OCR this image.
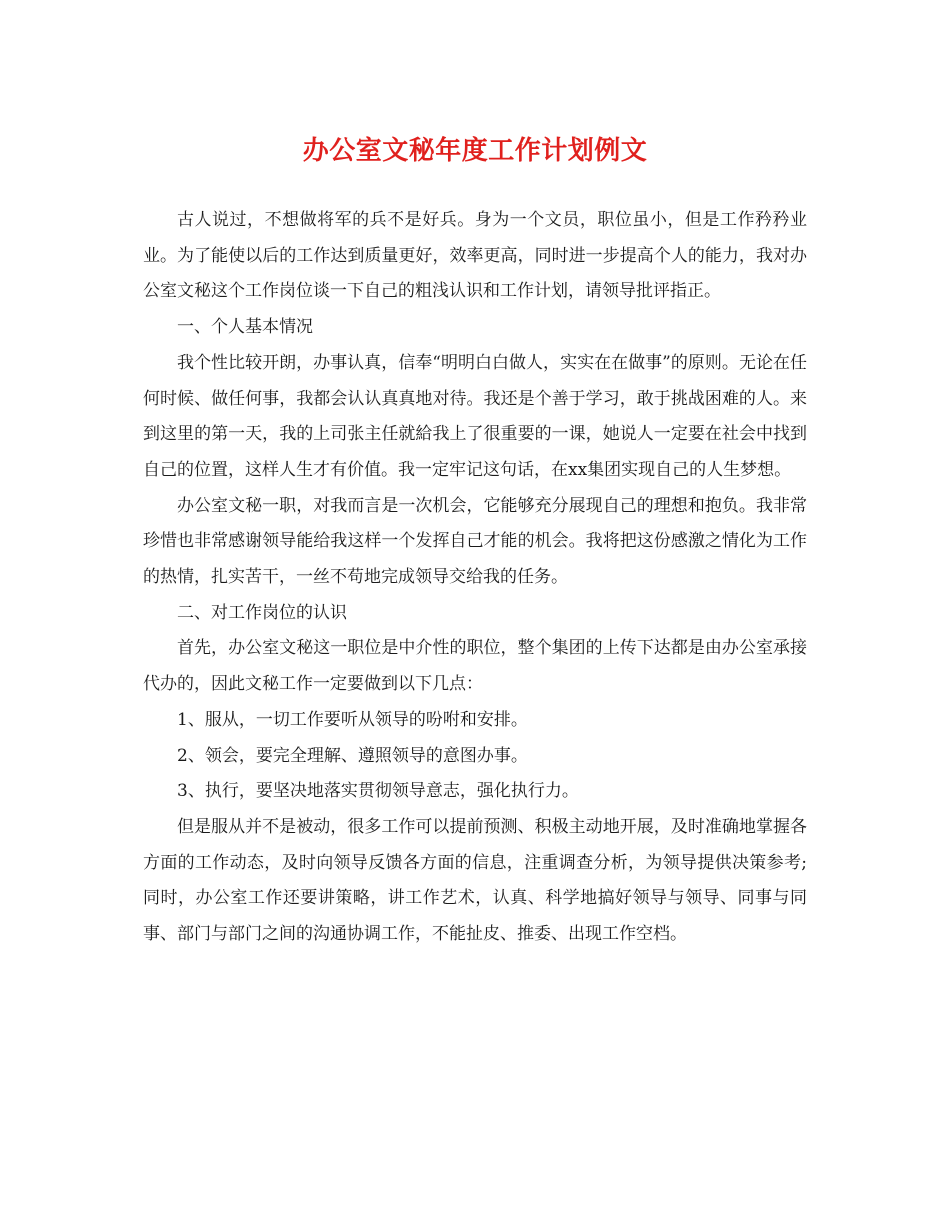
办公室文秘年度工作计划例文

古人说过，不想做将军的兵不是好兵。身为一个文员，职位虽小，但是工作矜矜业业。为了能使以后的工作达到质量更好，效率更高，同时进一步提高个人的能力，我对办公室文秘这个工作岗位谈一下自己的粗浅认识和工作计划，请领导批评指正。

一、个人基本情况

我个性比较开朗，办事认真，信奉“明明白白做人，实实在在做事”的原则。无论在任何时候、做任何事，我都会认认真真地对待。我还是个善于学习，敢于挑战困难的人。来到这里的第一天，我的上司张主任就給我上了很重要的一课，她说人一定要在社会中找到自己的位置，这样人生才有价值。我一定牢记这句话，在xx集团实现自己的人生梦想。

办公室文秘一职，对我而言是一次机会，它能够充分展现自己的理想和抱负。我非常珍惜也非常感谢领导能给我这样一个发挥自己才能的机会。我将把这份感激之情化为工作的热情，扎实苦干，一丝不苟地完成领导交给我的任务。

二、对工作岗位的认识

首先，办公室文秘这一职位是中介性的职位，整个集团的上传下达都是由办公室承接代办的，因此文秘工作一定要做到以下几点：

1、服从，一切工作要听从领导的吩咐和安排。

2、领会，要完全理解、遵照领导的意图办事。

3、执行，要坚决地落实贯彻领导意志，强化执行力。

但是服从并不是被动，很多工作可以提前预测、积极主动地开展，及时准确地掌握各方面的工作动态，及时向领导反馈各方面的信息，注重调查分析，为领导提供决策参考;同时，办公室工作还要讲策略，讲工作艺术，认真、科学地搞好领导与领导、同事与同事、部门与部门之间的沟通协调工作，不能扯皮、推委、出现工作空档。
